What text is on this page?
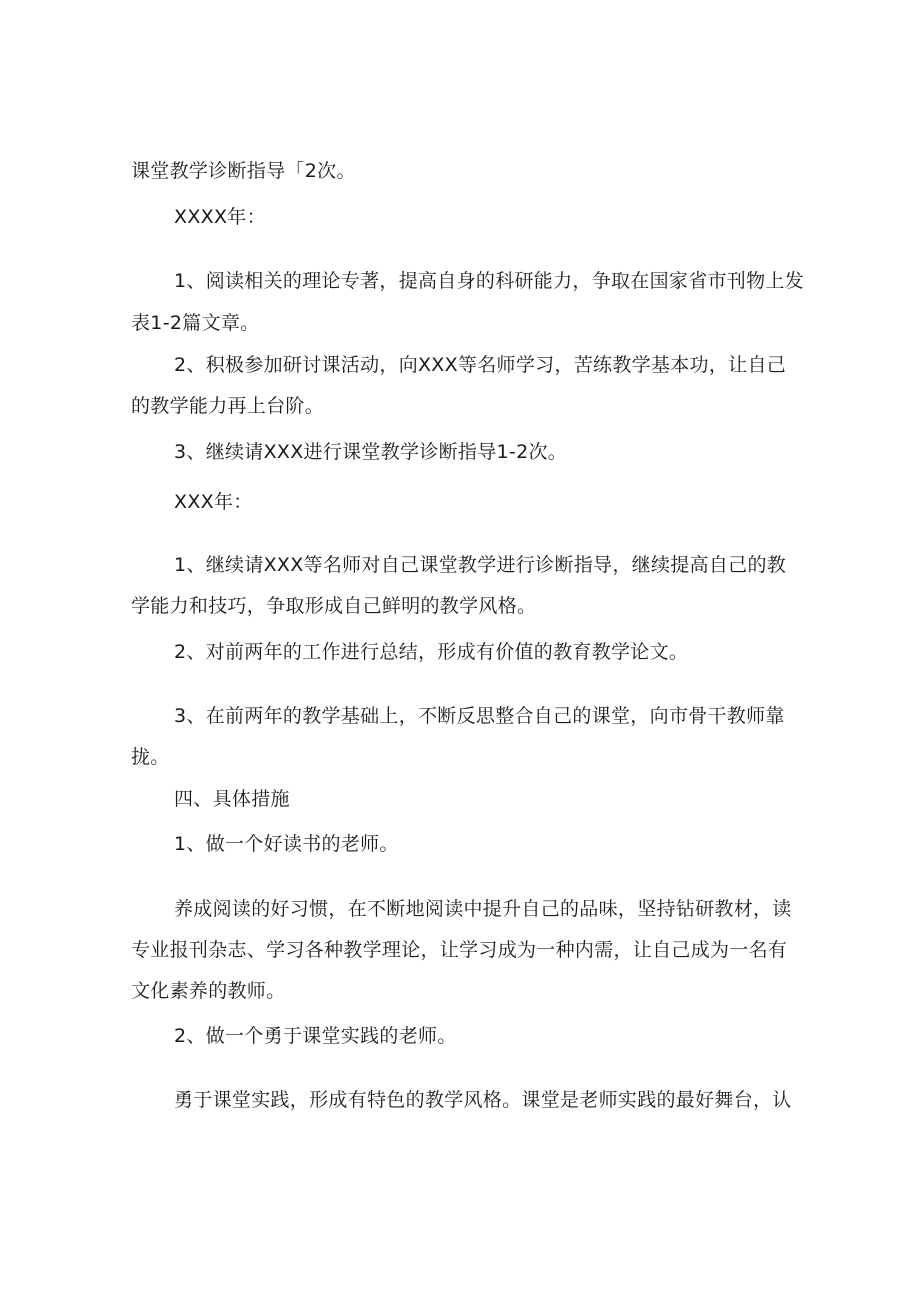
课堂教学诊断指导「2次。
XXXX年：
1、阅读相关的理论专著，提高自身的科研能力，争取在国家省市刊物上发
表1-2篇文章。
2、积极参加研讨课活动，向XXX等名师学习，苦练教学基本功，让自己
的教学能力再上台阶。
3、继续请XXX进行课堂教学诊断指导1-2次。
XXX年：
1、继续请XXX等名师对自己课堂教学进行诊断指导，继续提高自己的教
学能力和技巧，争取形成自己鲜明的教学风格。
2、对前两年的工作进行总结，形成有价值的教育教学论文。
3、在前两年的教学基础上，不断反思整合自己的课堂，向市骨干教师靠
拢。
四、具体措施
1、做一个好读书的老师。
养成阅读的好习惯，在不断地阅读中提升自己的品味，坚持钻研教材，读
专业报刊杂志、学习各种教学理论，让学习成为一种内需，让自己成为一名有
文化素养的教师。
2、做一个勇于课堂实践的老师。
勇于课堂实践，形成有特色的教学风格。课堂是老师实践的最好舞台，认
